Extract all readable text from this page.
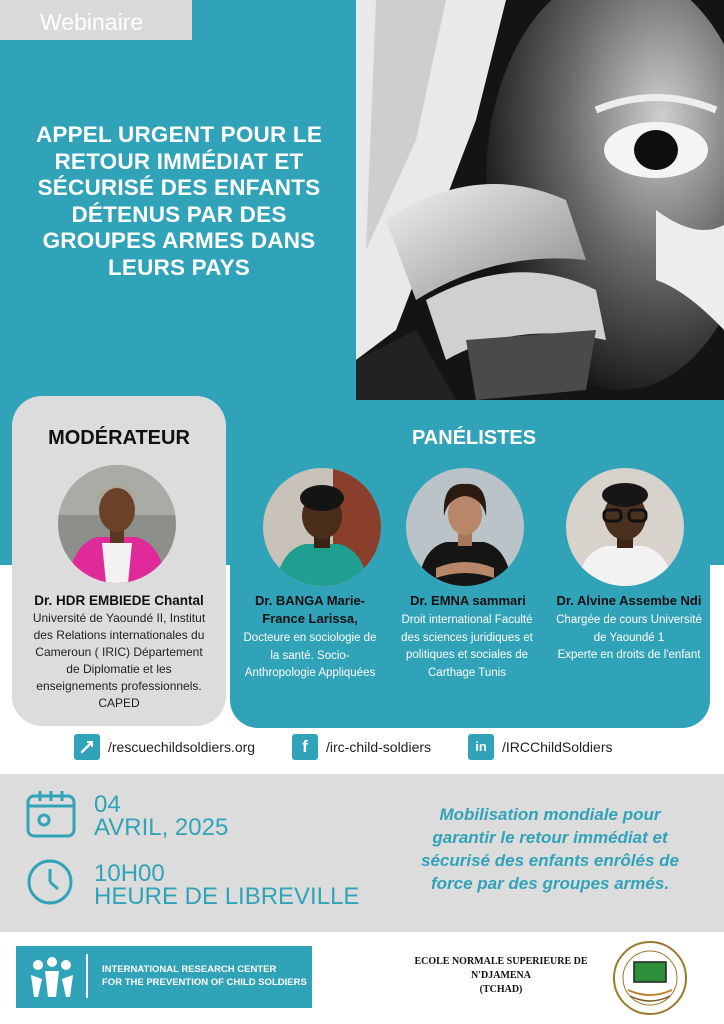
Webinaire
APPEL URGENT POUR LE
RETOUR IMMÉDIAT ET
SÉCURISÉ DES ENFANTS
DÉTENUS PAR DES
GROUPES ARMES DANS
LEURS PAYS
MODÉRATEUR	PANÉLISTES
Dr. HDR EMBIEDE Chantal
Université de Yaoundé II, Institut
des Relations internationales du
Cameroun ( IRIC) Département
de Diplomatie et les
enseignements professionnels.
CAPED
Dr. BANGA Marie-
France Larissa,
Docteure en sociologie de
la santé. Socio-
Anthropologie Appliquées
Dr. EMNA sammari
Droit international Faculté
des sciences juridiques et
politiques et sociales de
Carthage Tunis
Dr. Alvine Assembe Ndi
Chargée de cours Université
de Yaoundé 1
Experte en droits de l'enfant
/rescuechildsoldiers.org	f	/irc-child-soldiers	in	/IRCChildSoldiers
04
AVRIL, 2025
10H00
HEURE DE LIBREVILLE
Mobilisation mondiale pour
garantir le retour immédiat et
sécurisé des enfants enrôlés de
force par des groupes armés.
INTERNATIONAL RESEARCH CENTER
FOR THE PREVENTION OF CHILD SOLDIERS
ECOLE NORMALE SUPERIEURE DE
N'DJAMENA
(TCHAD)
